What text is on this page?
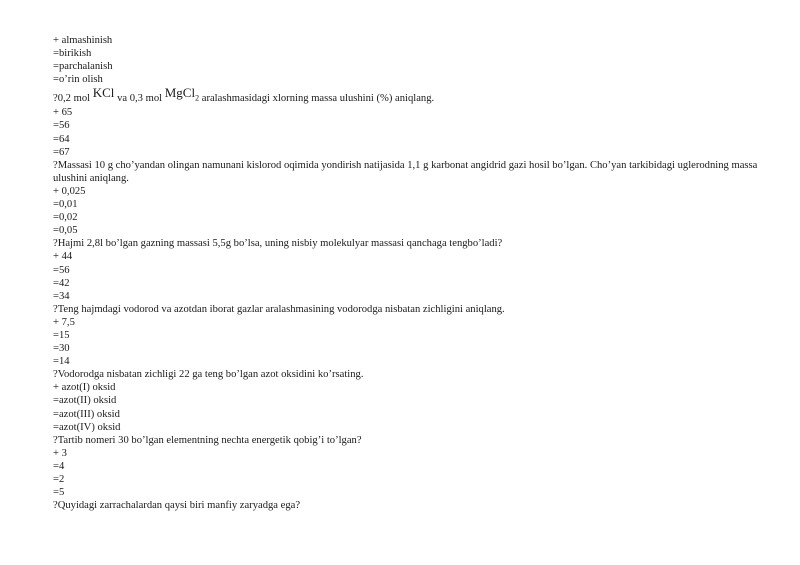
+ almashinish
=birikish
=parchalanish
=o’rin olish
?0,2 mol KCl va 0,3 mol MgCl$_2$ aralashmasidagi xlorning massa ulushini (%) aniqlang.
+ 65
=56
=64
=67
?Massasi 10 g cho’yandan olingan namunani kislorod oqimida yondirish natijasida 1,1 g karbonat angidrid gazi hosil bo’lgan. Cho’yan tarkibidagi uglerodning massa ulushini aniqlang.
+ 0,025
=0,01
=0,02
=0,05
?Hajmi 2,8l bo’lgan gazning massasi 5,5g bo’lsa, uning nisbiy molekulyar massasi qanchaga tengbo’ladi?
+ 44
=56
=42
=34
?Teng hajmdagi vodorod va azotdan iborat gazlar aralashmasining vodorodga nisbatan zichligini aniqlang.
+ 7,5
=15
=30
=14
?Vodorodga nisbatan zichligi 22 ga teng bo’lgan azot oksidini ko’rsating.
+ azot(I) oksid
=azot(II) oksid
=azot(III) oksid
=azot(IV) oksid
?Tartib nomeri 30 bo’lgan elementning nechta energetik qobig’i to’lgan?
+ 3
=4
=2
=5
?Quyidagi zarrachalardan qaysi biri manfiy zaryadga ega?
